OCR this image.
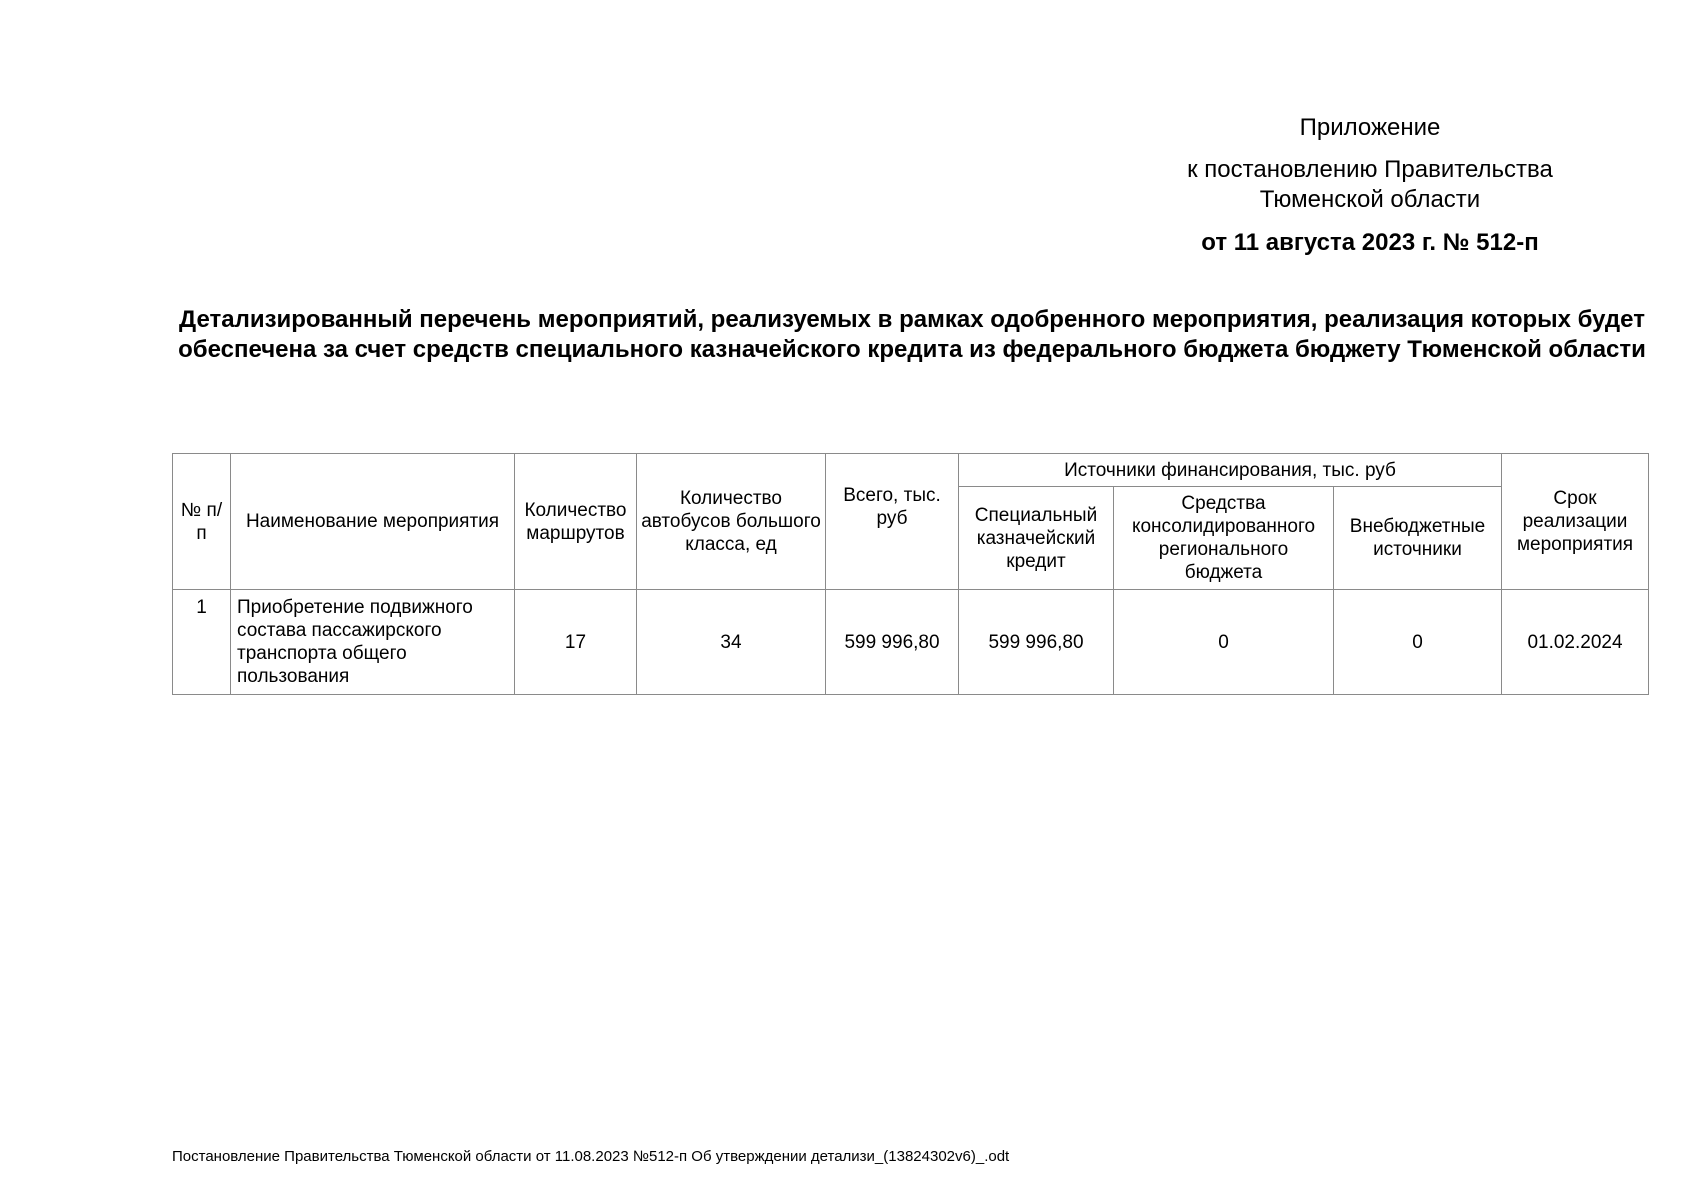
Приложение
к постановлению Правительства
Тюменской области
от 11 августа 2023 г. № 512-п
Детализированный перечень мероприятий, реализуемых в рамках одобренного мероприятия, реализация которых будет обеспечена за счет средств специального казначейского кредита из федерального бюджета бюджету Тюменской области
№ п/п	Наименование мероприятия	Количество маршрутов	Количество автобусов большого класса, ед	Всего, тыс. руб	Источники финансирования, тыс. руб			Срок реализации мероприятия
					Специальный казначейский кредит	Средства консолидированного регионального бюджета	Внебюджетные источники	
1	Приобретение подвижного состава пассажирского транспорта общего пользования	17	34	599 996,80	599 996,80	0	0	01.02.2024
Постановление Правительства Тюменской области от 11.08.2023 №512-п Об утверждении детализи_(13824302v6)_.odt
